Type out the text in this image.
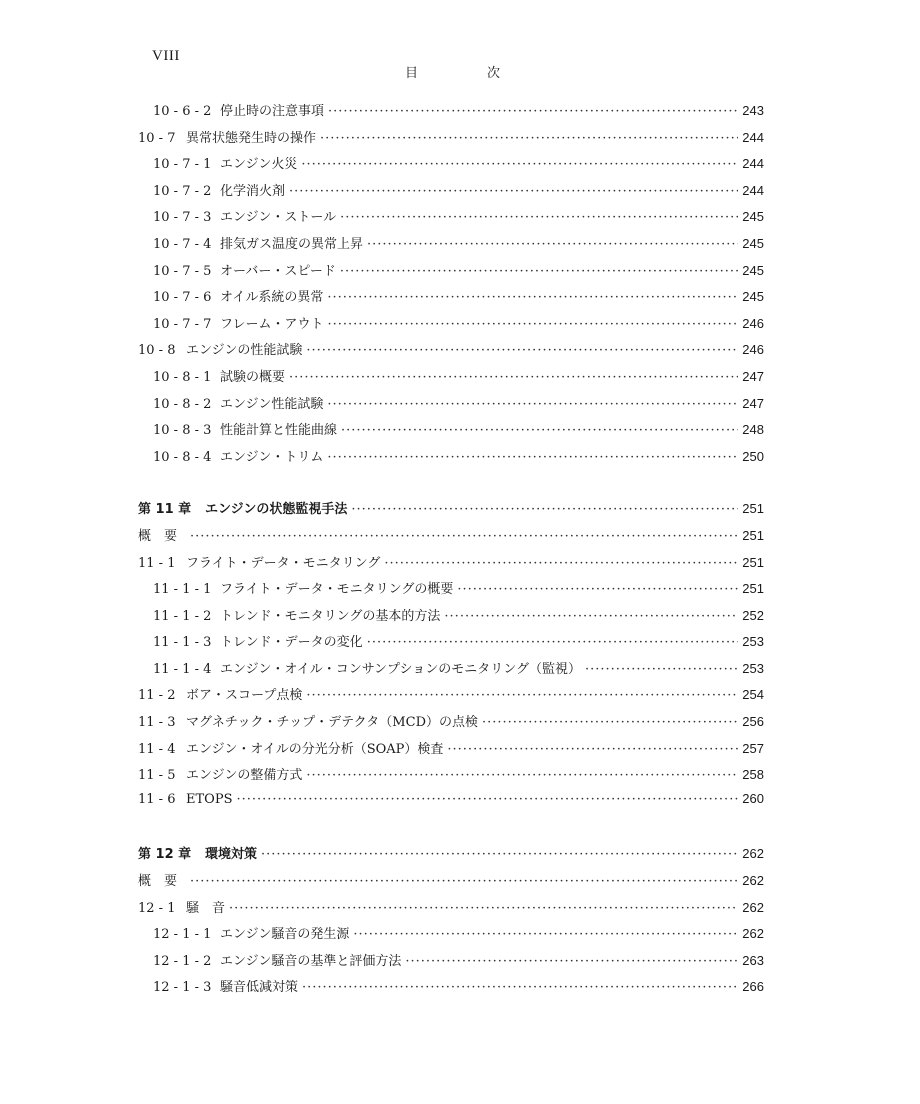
VIII
目	次
10 - 6 - 2 停止時の注意事項 ·····	243
10 - 7 異常状態発生時の操作 ·····	244
10 - 7 - 1 エンジン火災 ·····	244
10 - 7 - 2 化学消火剤 ·····	244
10 - 7 - 3 エンジン・ストール ·····	245
10 - 7 - 4 排気ガス温度の異常上昇 ·····	245
10 - 7 - 5 オーバー・スピード ·····	245
10 - 7 - 6 オイル系統の異常 ·····	245
10 - 7 - 7 フレーム・アウト ·····	246
10 - 8 エンジンの性能試験 ·····	246
10 - 8 - 1 試験の概要 ·····	247
10 - 8 - 2 エンジン性能試験 ·····	247
10 - 8 - 3 性能計算と性能曲線 ·····	248
10 - 8 - 4 エンジン・トリム ·····	250
第 11 章	エンジンの状態監視手法 ·····	251
概　要 ·····	251
11 - 1 フライト・データ・モニタリング ·····	251
11 - 1 - 1 フライト・データ・モニタリングの概要 ·····	251
11 - 1 - 2 トレンド・モニタリングの基本的方法 ·····	252
11 - 1 - 3 トレンド・データの変化 ·····	253
11 - 1 - 4 エンジン・オイル・コンサンプションのモニタリング（監視） ·····	253
11 - 2 ボア・スコープ点検 ·····	254
11 - 3 マグネチック・チップ・デテクタ（MCD）の点検 ·····	256
11 - 4 エンジン・オイルの分光分析（SOAP）検査 ·····	257
11 - 5 エンジンの整備方式 ·····	258
11 - 6 ETOPS ·····	260
第 12 章	環境対策 ·····	262
概　要 ·····	262
12 - 1 騒　音 ·····	262
12 - 1 - 1 エンジン騒音の発生源 ·····	262
12 - 1 - 2 エンジン騒音の基準と評価方法 ·····	263
12 - 1 - 3 騒音低減対策 ·····	266
